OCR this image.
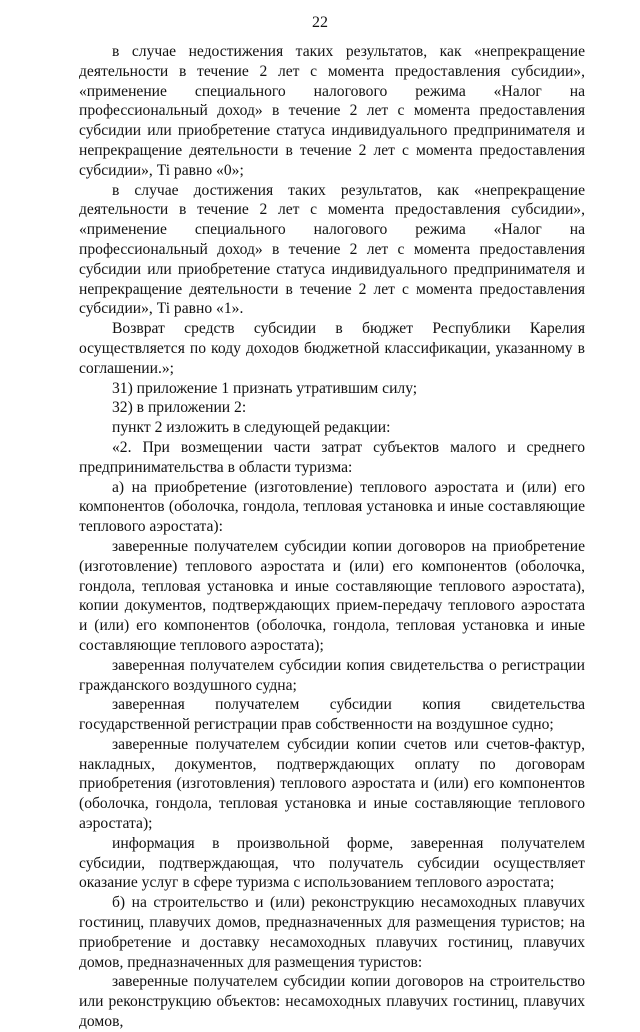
22

в случае недостижения таких результатов, как «непрекращение деятельности в течение 2 лет с момента предоставления субсидии», «применение специального налогового режима «Налог на профессиональный доход» в течение 2 лет с момента предоставления субсидии или приобретение статуса индивидуального предпринимателя и непрекращение деятельности в течение 2 лет с момента предоставления субсидии», Ti равно «0»;

в случае достижения таких результатов, как «непрекращение деятельности в течение 2 лет с момента предоставления субсидии», «применение специального налогового режима «Налог на профессиональный доход» в течение 2 лет с момента предоставления субсидии или приобретение статуса индивидуального предпринимателя и непрекращение деятельности в течение 2 лет с момента предоставления субсидии», Ti равно «1».

Возврат средств субсидии в бюджет Республики Карелия осуществляется по коду доходов бюджетной классификации, указанному в соглашении.»;

31) приложение 1 признать утратившим силу;

32) в приложении 2:

пункт 2 изложить в следующей редакции:

«2. При возмещении части затрат субъектов малого и среднего предпринимательства в области туризма:

а) на приобретение (изготовление) теплового аэростата и (или) его компонентов (оболочка, гондола, тепловая установка и иные составляющие теплового аэростата):

заверенные получателем субсидии копии договоров на приобретение (изготовление) теплового аэростата и (или) его компонентов (оболочка, гондола, тепловая установка и иные составляющие теплового аэростата), копии документов, подтверждающих прием-передачу теплового аэростата и (или) его компонентов (оболочка, гондола, тепловая установка и иные составляющие теплового аэростата);

заверенная получателем субсидии копия свидетельства о регистрации гражданского воздушного судна;

заверенная получателем субсидии копия свидетельства государственной регистрации прав собственности на воздушное судно;

заверенные получателем субсидии копии счетов или счетов-фактур, накладных, документов, подтверждающих оплату по договорам приобретения (изготовления) теплового аэростата и (или) его компонентов (оболочка, гондола, тепловая установка и иные составляющие теплового аэростата);

информация в произвольной форме, заверенная получателем субсидии, подтверждающая, что получатель субсидии осуществляет оказание услуг в сфере туризма с использованием теплового аэростата;

б) на строительство и (или) реконструкцию несамоходных плавучих гостиниц, плавучих домов, предназначенных для размещения туристов; на приобретение и доставку несамоходных плавучих гостиниц, плавучих домов, предназначенных для размещения туристов:

заверенные получателем субсидии копии договоров на строительство или реконструкцию объектов: несамоходных плавучих гостиниц, плавучих домов,
